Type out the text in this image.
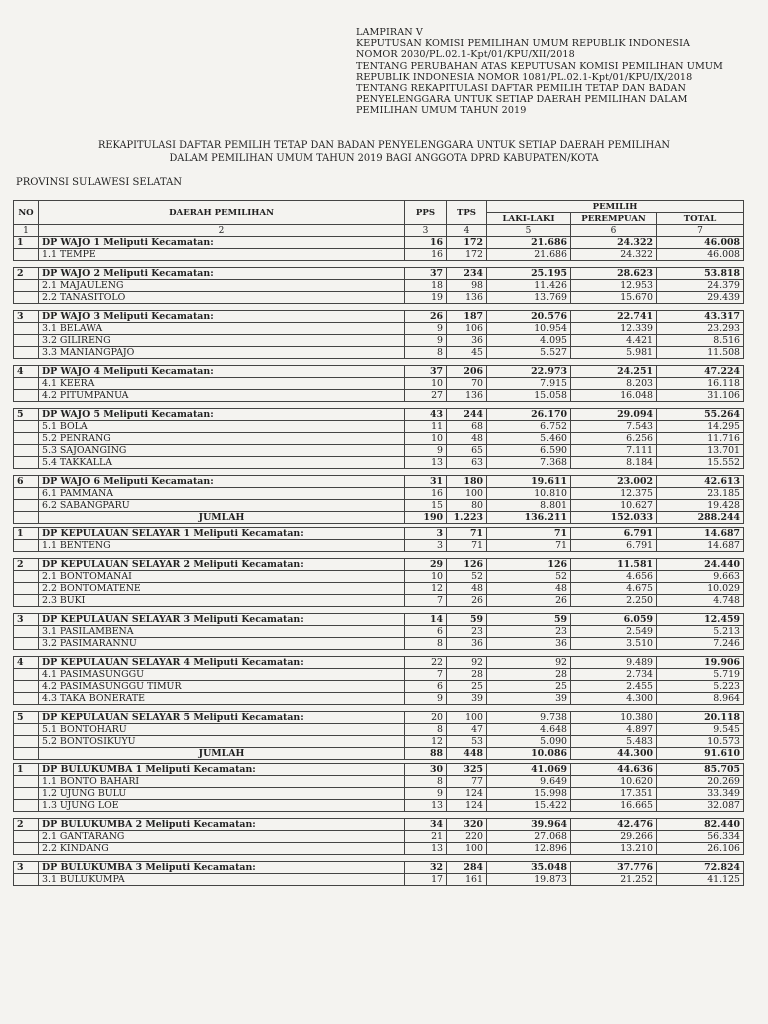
LAMPIRAN V
KEPUTUSAN KOMISI PEMILIHAN UMUM REPUBLIK INDONESIA
NOMOR 2030/PL.02.1-Kpt/01/KPU/XII/2018
TENTANG PERUBAHAN ATAS KEPUTUSAN KOMISI PEMILIHAN UMUM
REPUBLIK INDONESIA NOMOR 1081/PL.02.1-Kpt/01/KPU/IX/2018
TENTANG REKAPITULASI DAFTAR PEMILIH TETAP DAN BADAN
PENYELENGGARA UNTUK SETIAP DAERAH PEMILIHAN DALAM
PEMILIHAN UMUM TAHUN 2019
REKAPITULASI DAFTAR PEMILIH TETAP DAN BADAN PENYELENGGARA UNTUK SETIAP DAERAH PEMILIHAN
DALAM PEMILIHAN UMUM TAHUN 2019 BAGI ANGGOTA DPRD KABUPATEN/KOTA
PROVINSI SULAWESI SELATAN
NO	DAERAH PEMILIHAN	PPS	TPS	PEMILIH		
				LAKI-LAKI	PEREMPUAN	TOTAL
1	2	3	4	5	6	7
1	DP WAJO 1 Meliputi Kecamatan:	16	172	21.686	24.322	46.008
	1.1 TEMPE	16	172	21.686	24.322	46.008

2	DP WAJO 2 Meliputi Kecamatan:	37	234	25.195	28.623	53.818
	2.1 MAJAULENG	18	98	11.426	12.953	24.379
	2.2 TANASITOLO	19	136	13.769	15.670	29.439

3	DP WAJO 3 Meliputi Kecamatan:	26	187	20.576	22.741	43.317
	3.1 BELAWA	9	106	10.954	12.339	23.293
	3.2 GILIRENG	9	36	4.095	4.421	8.516
	3.3 MANIANGPAJO	8	45	5.527	5.981	11.508

4	DP WAJO 4 Meliputi Kecamatan:	37	206	22.973	24.251	47.224
	4.1 KEERA	10	70	7.915	8.203	16.118
	4.2 PITUMPANUA	27	136	15.058	16.048	31.106

5	DP WAJO 5 Meliputi Kecamatan:	43	244	26.170	29.094	55.264
	5.1 BOLA	11	68	6.752	7.543	14.295
	5.2 PENRANG	10	48	5.460	6.256	11.716
	5.3 SAJOANGING	9	65	6.590	7.111	13.701
	5.4 TAKKALLA	13	63	7.368	8.184	15.552

6	DP WAJO 6 Meliputi Kecamatan:	31	180	19.611	23.002	42.613
	6.1 PAMMANA	16	100	10.810	12.375	23.185
	6.2 SABANGPARU	15	80	8.801	10.627	19.428
	JUMLAH	190	1.223	136.211	152.033	288.244

1	DP KEPULAUAN SELAYAR 1 Meliputi Kecamatan:	3	71	71	6.791	14.687
	1.1 BENTENG	3	71	71	6.791	14.687

2	DP KEPULAUAN SELAYAR 2 Meliputi Kecamatan:	29	126	126	11.581	24.440
	2.1 BONTOMANAI	10	52	52	4.656	9.663
	2.2 BONTOMATENE	12	48	48	4.675	10.029
	2.3 BUKI	7	26	26	2.250	4.748

3	DP KEPULAUAN SELAYAR 3 Meliputi Kecamatan:	14	59	59	6.059	12.459
	3.1 PASILAMBENA	6	23	23	2.549	5.213
	3.2 PASIMARANNU	8	36	36	3.510	7.246

4	DP KEPULAUAN SELAYAR 4 Meliputi Kecamatan:	22	92	92	9.489	19.906
	4.1 PASIMASUNGGU	7	28	28	2.734	5.719
	4.2 PASIMASUNGGU TIMUR	6	25	25	2.455	5.223
	4.3 TAKA BONERATE	9	39	39	4.300	8.964

5	DP KEPULAUAN SELAYAR 5 Meliputi Kecamatan:	20	100	9.738	10.380	20.118
	5.1 BONTOHARU	8	47	4.648	4.897	9.545
	5.2 BONTOSIKUYU	12	53	5.090	5.483	10.573
	JUMLAH	88	448	10.086	44.300	91.610

1	DP BULUKUMBA 1 Meliputi Kecamatan:	30	325	41.069	44.636	85.705
	1.1 BONTO BAHARI	8	77	9.649	10.620	20.269
	1.2 UJUNG BULU	9	124	15.998	17.351	33.349
	1.3 UJUNG LOE	13	124	15.422	16.665	32.087

2	DP BULUKUMBA 2 Meliputi Kecamatan:	34	320	39.964	42.476	82.440
	2.1 GANTARANG	21	220	27.068	29.266	56.334
	2.2 KINDANG	13	100	12.896	13.210	26.106

3	DP BULUKUMBA 3 Meliputi Kecamatan:	32	284	35.048	37.776	72.824
	3.1 BULUKUMPA	17	161	19.873	21.252	41.125
